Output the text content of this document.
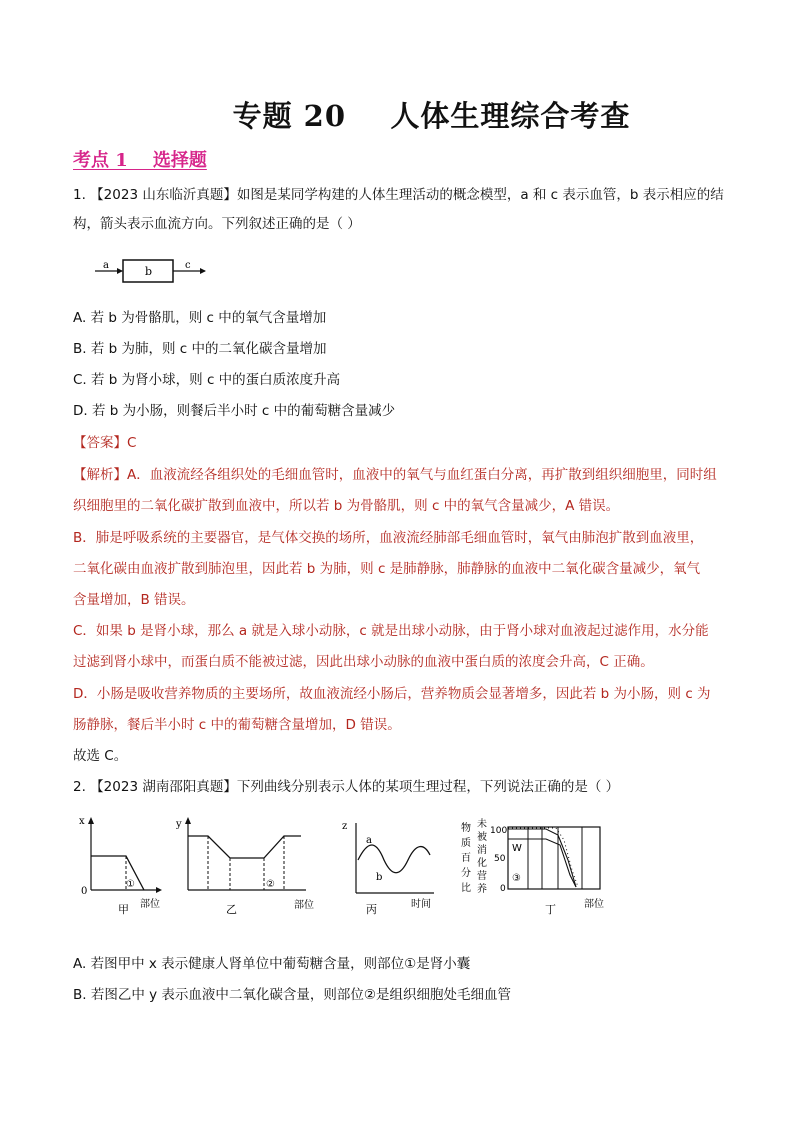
专题 20    人体生理综合考查
考点 1    选择题
1. 【2023 山东临沂真题】如图是某同学构建的人体生理活动的概念模型，a 和 c 表示血管，b 表示相应的结
构，箭头表示血流方向。下列叙述正确的是（ ）
a	b	c
A. 若 b 为骨骼肌，则 c 中的氧气含量增加
B. 若 b 为肺，则 c 中的二氧化碳含量增加
C. 若 b 为肾小球，则 c 中的蛋白质浓度升高
D. 若 b 为小肠，则餐后半小时 c 中的葡萄糖含量减少
【答案】C
【解析】A．血液流经各组织处的毛细血管时，血液中的氧气与血红蛋白分离，再扩散到组织细胞里，同时组
织细胞里的二氧化碳扩散到血液中，所以若 b 为骨骼肌，则 c 中的氧气含量减少，A 错误。
B．肺是呼吸系统的主要器官，是气体交换的场所，血液流经肺部毛细血管时，氧气由肺泡扩散到血液里，
二氧化碳由血液扩散到肺泡里，因此若 b 为肺，则 c 是肺静脉，肺静脉的血液中二氧化碳含量减少，氧气
含量增加，B 错误。
C．如果 b 是肾小球，那么 a 就是入球小动脉，c 就是出球小动脉，由于肾小球对血液起过滤作用，水分能
过滤到肾小球中，而蛋白质不能被过滤，因此出球小动脉的血液中蛋白质的浓度会升高，C 正确。
D．小肠是吸收营养物质的主要场所，故血液流经小肠后，营养物质会显著增多，因此若 b 为小肠，则 c 为
肠静脉，餐后半小时 c 中的葡萄糖含量增加，D 错误。
故选 C。
2. 【2023 湖南邵阳真题】下列曲线分别表示人体的某项生理过程，下列说法正确的是（ ）
x
0
①
甲 部位
y
②
乙	部位
z
a
b
丙	时间
物
质
百
分
比
未
被
消
化
营
养
100
50
0
W
③
丁	部位
A. 若图甲中 x 表示健康人肾单位中葡萄糖含量，则部位①是肾小囊
B. 若图乙中 y 表示血液中二氧化碳含量，则部位②是组织细胞处毛细血管
